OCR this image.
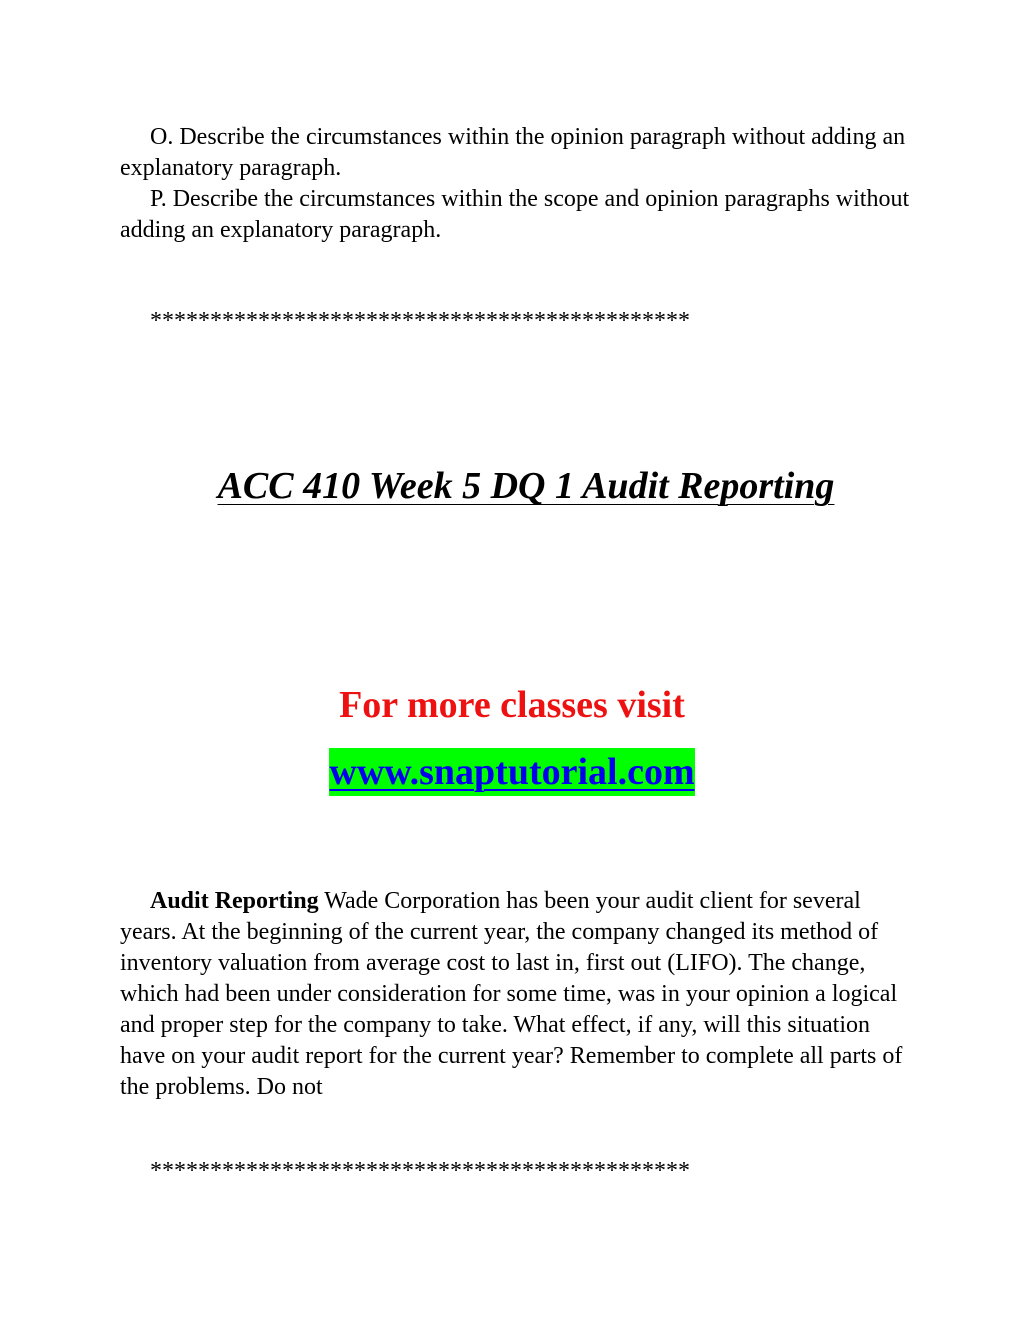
O. Describe the circumstances within the opinion paragraph without adding an explanatory paragraph.

P. Describe the circumstances within the scope and opinion paragraphs without adding an explanatory paragraph.

*********************************************

ACC 410 Week 5 DQ 1 Audit Reporting

For more classes visit

www.snaptutorial.com

Audit Reporting Wade Corporation has been your audit client for several years. At the beginning of the current year, the company changed its method of inventory valuation from average cost to last in, first out (LIFO). The change, which had been under consideration for some time, was in your opinion a logical and proper step for the company to take. What effect, if any, will this situation have on your audit report for the current year? Remember to complete all parts of the problems. Do not

*********************************************
